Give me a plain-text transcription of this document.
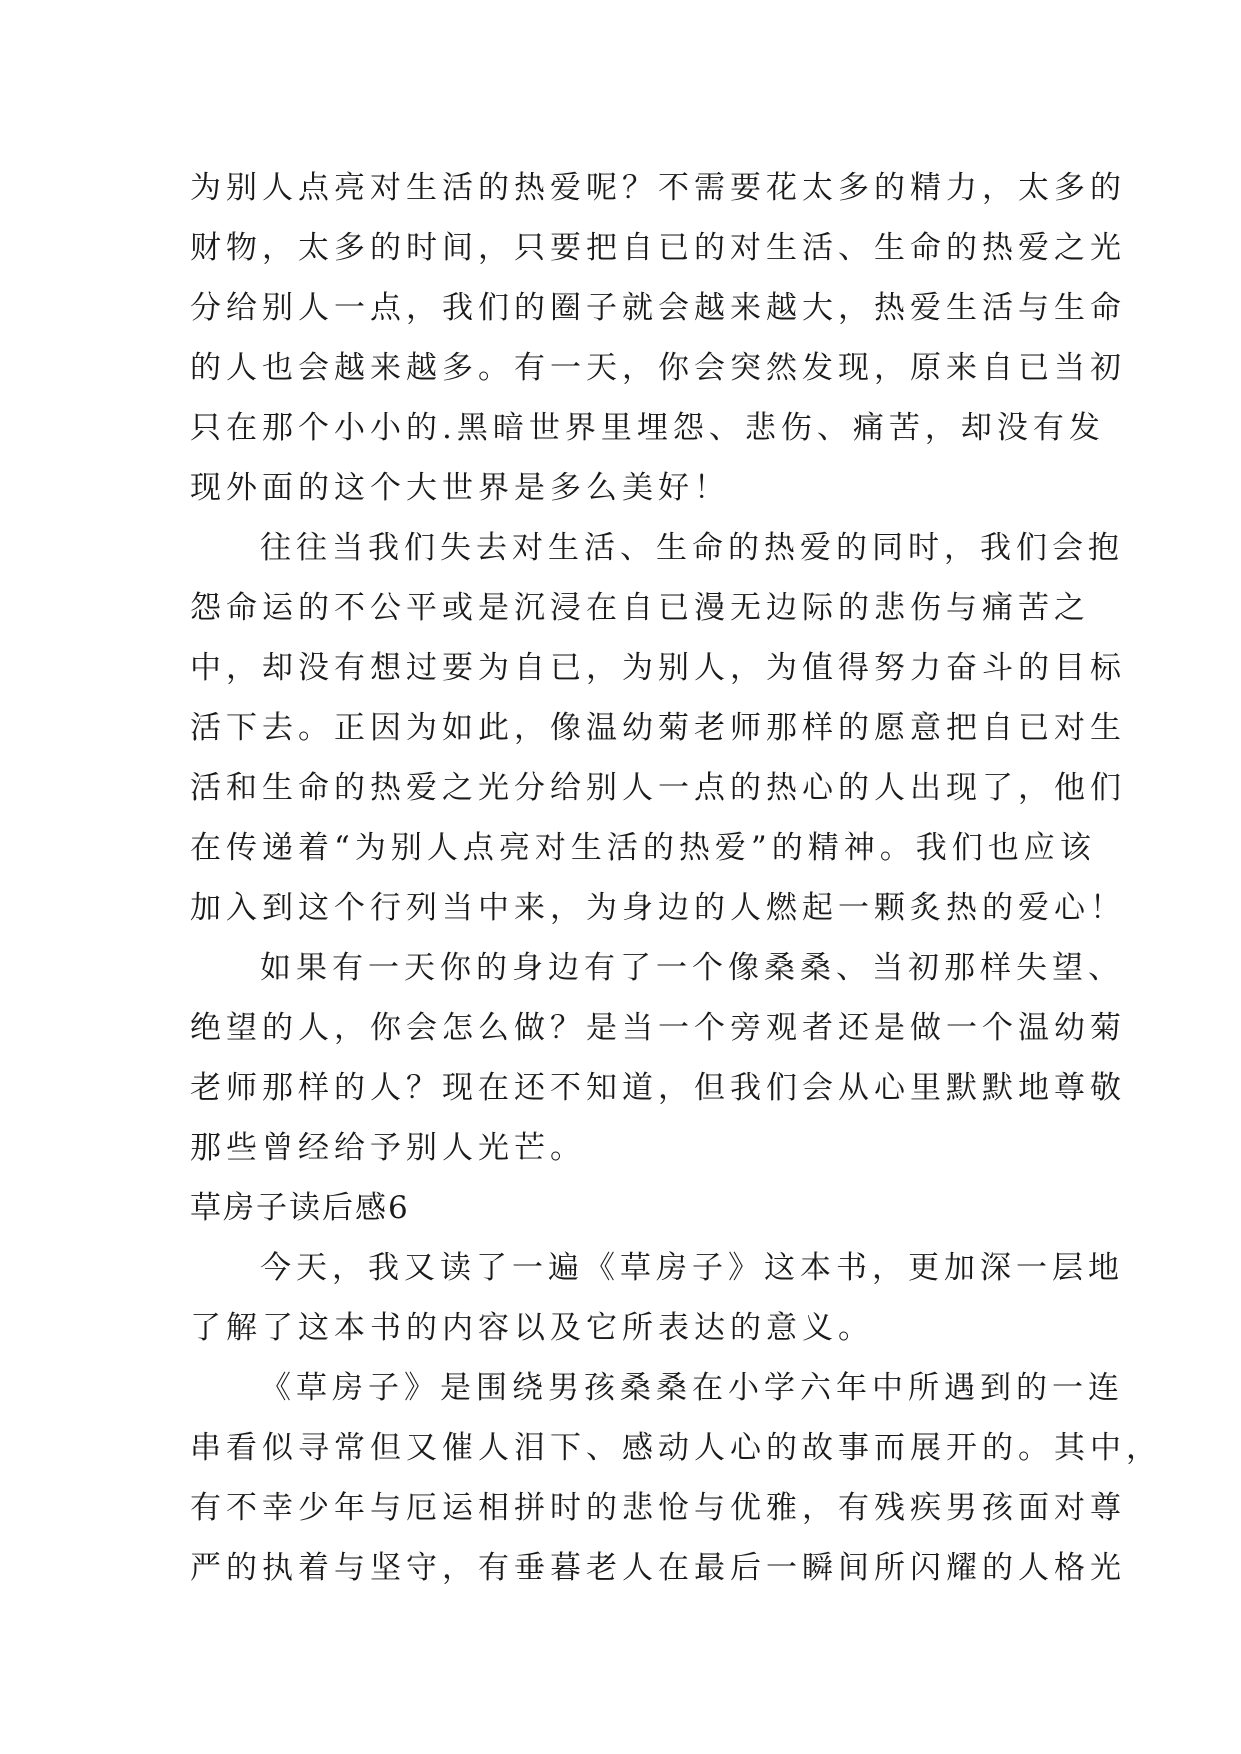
为别人点亮对生活的热爱呢？不需要花太多的精力，太多的
财物，太多的时间，只要把自已的对生活、生命的热爱之光
分给别人一点，我们的圈子就会越来越大，热爱生活与生命
的人也会越来越多。有一天，你会突然发现，原来自已当初
只在那个小小的.黑暗世界里埋怨、悲伤、痛苦，却没有发
现外面的这个大世界是多么美好！
往往当我们失去对生活、生命的热爱的同时，我们会抱
怨命运的不公平或是沉浸在自已漫无边际的悲伤与痛苦之
中，却没有想过要为自已，为别人，为值得努力奋斗的目标
活下去。正因为如此，像温幼菊老师那样的愿意把自已对生
活和生命的热爱之光分给别人一点的热心的人出现了，他们
在传递着“为别人点亮对生活的热爱”的精神。我们也应该
加入到这个行列当中来，为身边的人燃起一颗炙热的爱心！
如果有一天你的身边有了一个像桑桑、当初那样失望、
绝望的人，你会怎么做？是当一个旁观者还是做一个温幼菊
老师那样的人？现在还不知道，但我们会从心里默默地尊敬
那些曾经给予别人光芒。
草房子读后感6
今天，我又读了一遍《草房子》这本书，更加深一层地
了解了这本书的内容以及它所表达的意义。
《草房子》是围绕男孩桑桑在小学六年中所遇到的一连
串看似寻常但又催人泪下、感动人心的故事而展开的。其中，
有不幸少年与厄运相拼时的悲怆与优雅，有残疾男孩面对尊
严的执着与坚守，有垂暮老人在最后一瞬间所闪耀的人格光
